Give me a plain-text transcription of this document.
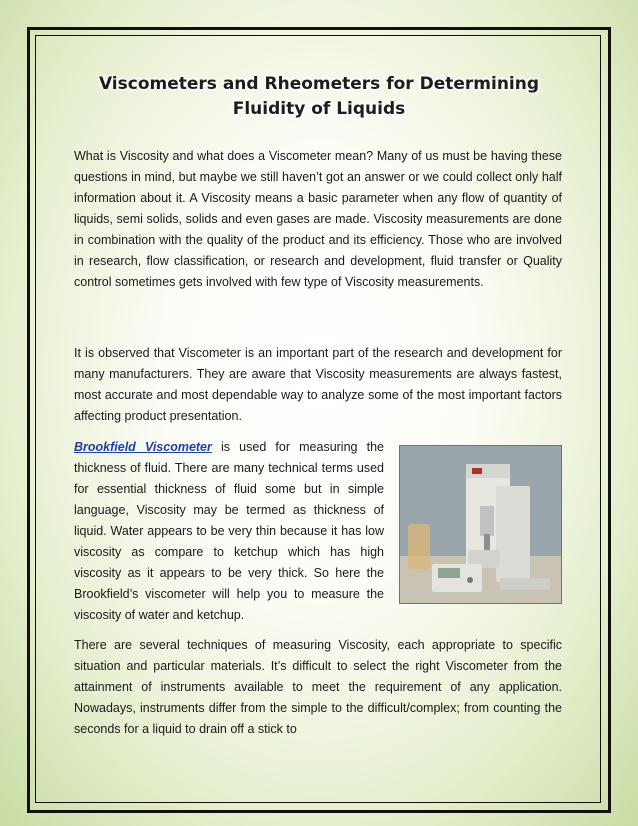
Viscometers and Rheometers for Determining Fluidity of Liquids

What is Viscosity and what does a Viscometer mean? Many of us must be having these questions in mind, but maybe we still haven’t got an answer or we could collect only half information about it. A Viscosity means a basic parameter when any flow of quantity of liquids, semi solids, solids and even gases are made. Viscosity measurements are done in combination with the quality of the product and its efficiency. Those who are involved in research, flow classification, or research and development, fluid transfer or Quality control sometimes gets involved with few type of Viscosity measurements.

It is observed that Viscometer is an important part of the research and development for many manufacturers. They are aware that Viscosity measurements are always fastest, most accurate and most dependable way to analyze some of the most important factors affecting product presentation.

Brookfield Viscometer is used for measuring the thickness of fluid. There are many technical terms used for essential thickness of fluid some but in simple language, Viscosity may be termed as thickness of liquid. Water appears to be very thin because it has low viscosity as compare to ketchup which has high viscosity as it appears to be very thick. So here the Brookfield’s viscometer will help you to measure the viscosity of water and ketchup.

There are several techniques of measuring Viscosity, each appropriate to specific situation and particular materials. It’s difficult to select the right Viscometer from the attainment of instruments available to meet the requirement of any application. Nowadays, instruments differ from the simple to the difficult/complex; from counting the seconds for a liquid to drain off a stick to
